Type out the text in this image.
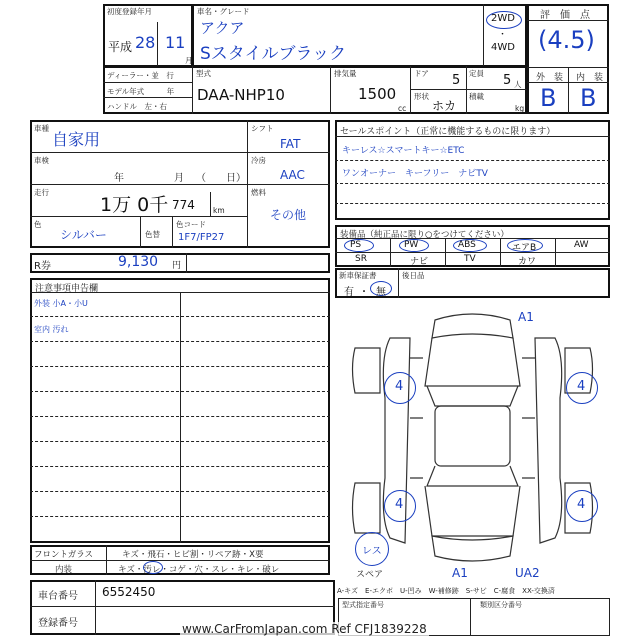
初度登録年月
平成 28 11
月
車名・グレード
アクア
Sスタイルブラック
2WD
・
4WD
評　価　点
(4.5)
外　装 内　装
B B
ディーラー・並　行
モデル年式　　　年
ハンドル　左・右
型式
DAA-NHP10
排気量
1500
cc
ドア 5 定員 5 人
形状
ホカ
積載
kg
車種
自家用
車検
年	月 （　　日）
走行
1万 0千 774 km
色
シルバー	色替
色コード
1F7/FP27
シフト
FAT
冷房
AAC
燃料
その他
R券	9,130 円
セールスポイント（正常に機能するものに限ります）
キーレス☆スマートキー☆ETC
ワンオーナー　キーフリー　ナビTV
装備品（純正品に限り○をつけてください）
PS	PW	ABS	エアB	AW
SR	ナビ	TV	カワ
新車保証書
有 ・ 無
後日品
注意事項申告欄
外装 小A・小U
室内 汚れ
4	4
4	4
A1
レス
スペア	A1	UA2
A-キズ　E-エクボ　U-凹み　W-補修跡　S-サビ　C-腐食　XX-交換済
フロントガラス	キズ・飛石・ヒビ割・リペア跡・X要
内装	キズ・汚レ・コゲ・穴・スレ・キレ・破レ
車台番号 6552450
登録番号
型式指定番号	類別区分番号
www.CarFromJapan.com Ref CFJ1839228
